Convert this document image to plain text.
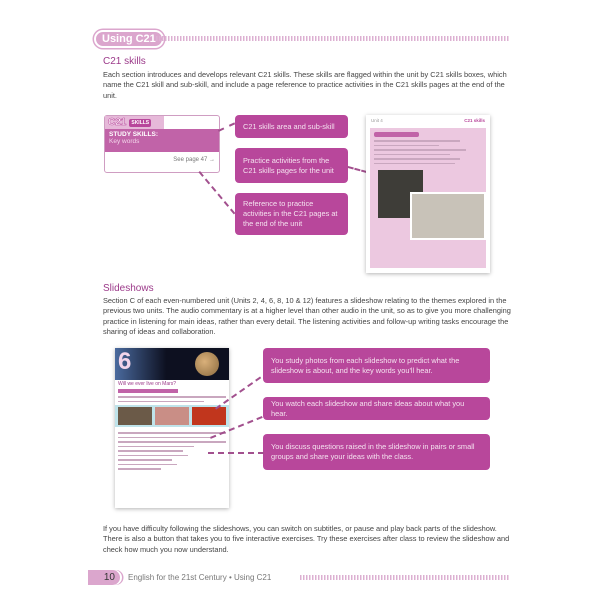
Using C21
C21 skills

Each section introduces and develops relevant C21 skills. These skills are flagged within the unit by C21 skills boxes, which name the C21 skill and sub-skill, and include a page reference to practice activities in the C21 skills pages at the end of the unit.

C21	SKILLS
STUDY SKILLS:
Key words
See page 47 →
C21 skills area and sub-skill
Practice activities from the C21 skills pages for the unit
Reference to practice activities in the C21 pages at the end of the unit
Unit 4	C21 skills
Slideshows

Section C of each even-numbered unit (Units 2, 4, 6, 8, 10 & 12) features a slideshow relating to the themes explored in the previous two units. The audio commentary is at a higher level than other audio in the unit, so as to give you more challenging practice in listening for main ideas, rather than every detail. The listening activities and follow-up writing tasks encourage the sharing of ideas and collaboration.

6
Will we ever live on Mars?
You study photos from each slideshow to predict what the slideshow is about, and the key words you'll hear.
You watch each slideshow and share ideas about what you hear.
You discuss questions raised in the slideshow in pairs or small groups and share your ideas with the class.

If you have difficulty following the slideshows, you can switch on subtitles, or pause and play back parts of the slideshow. There is also a button that takes you to five interactive exercises. Try these exercises after class to review the slideshow and check how much you now understand.

10	English for the 21st Century • Using C21
